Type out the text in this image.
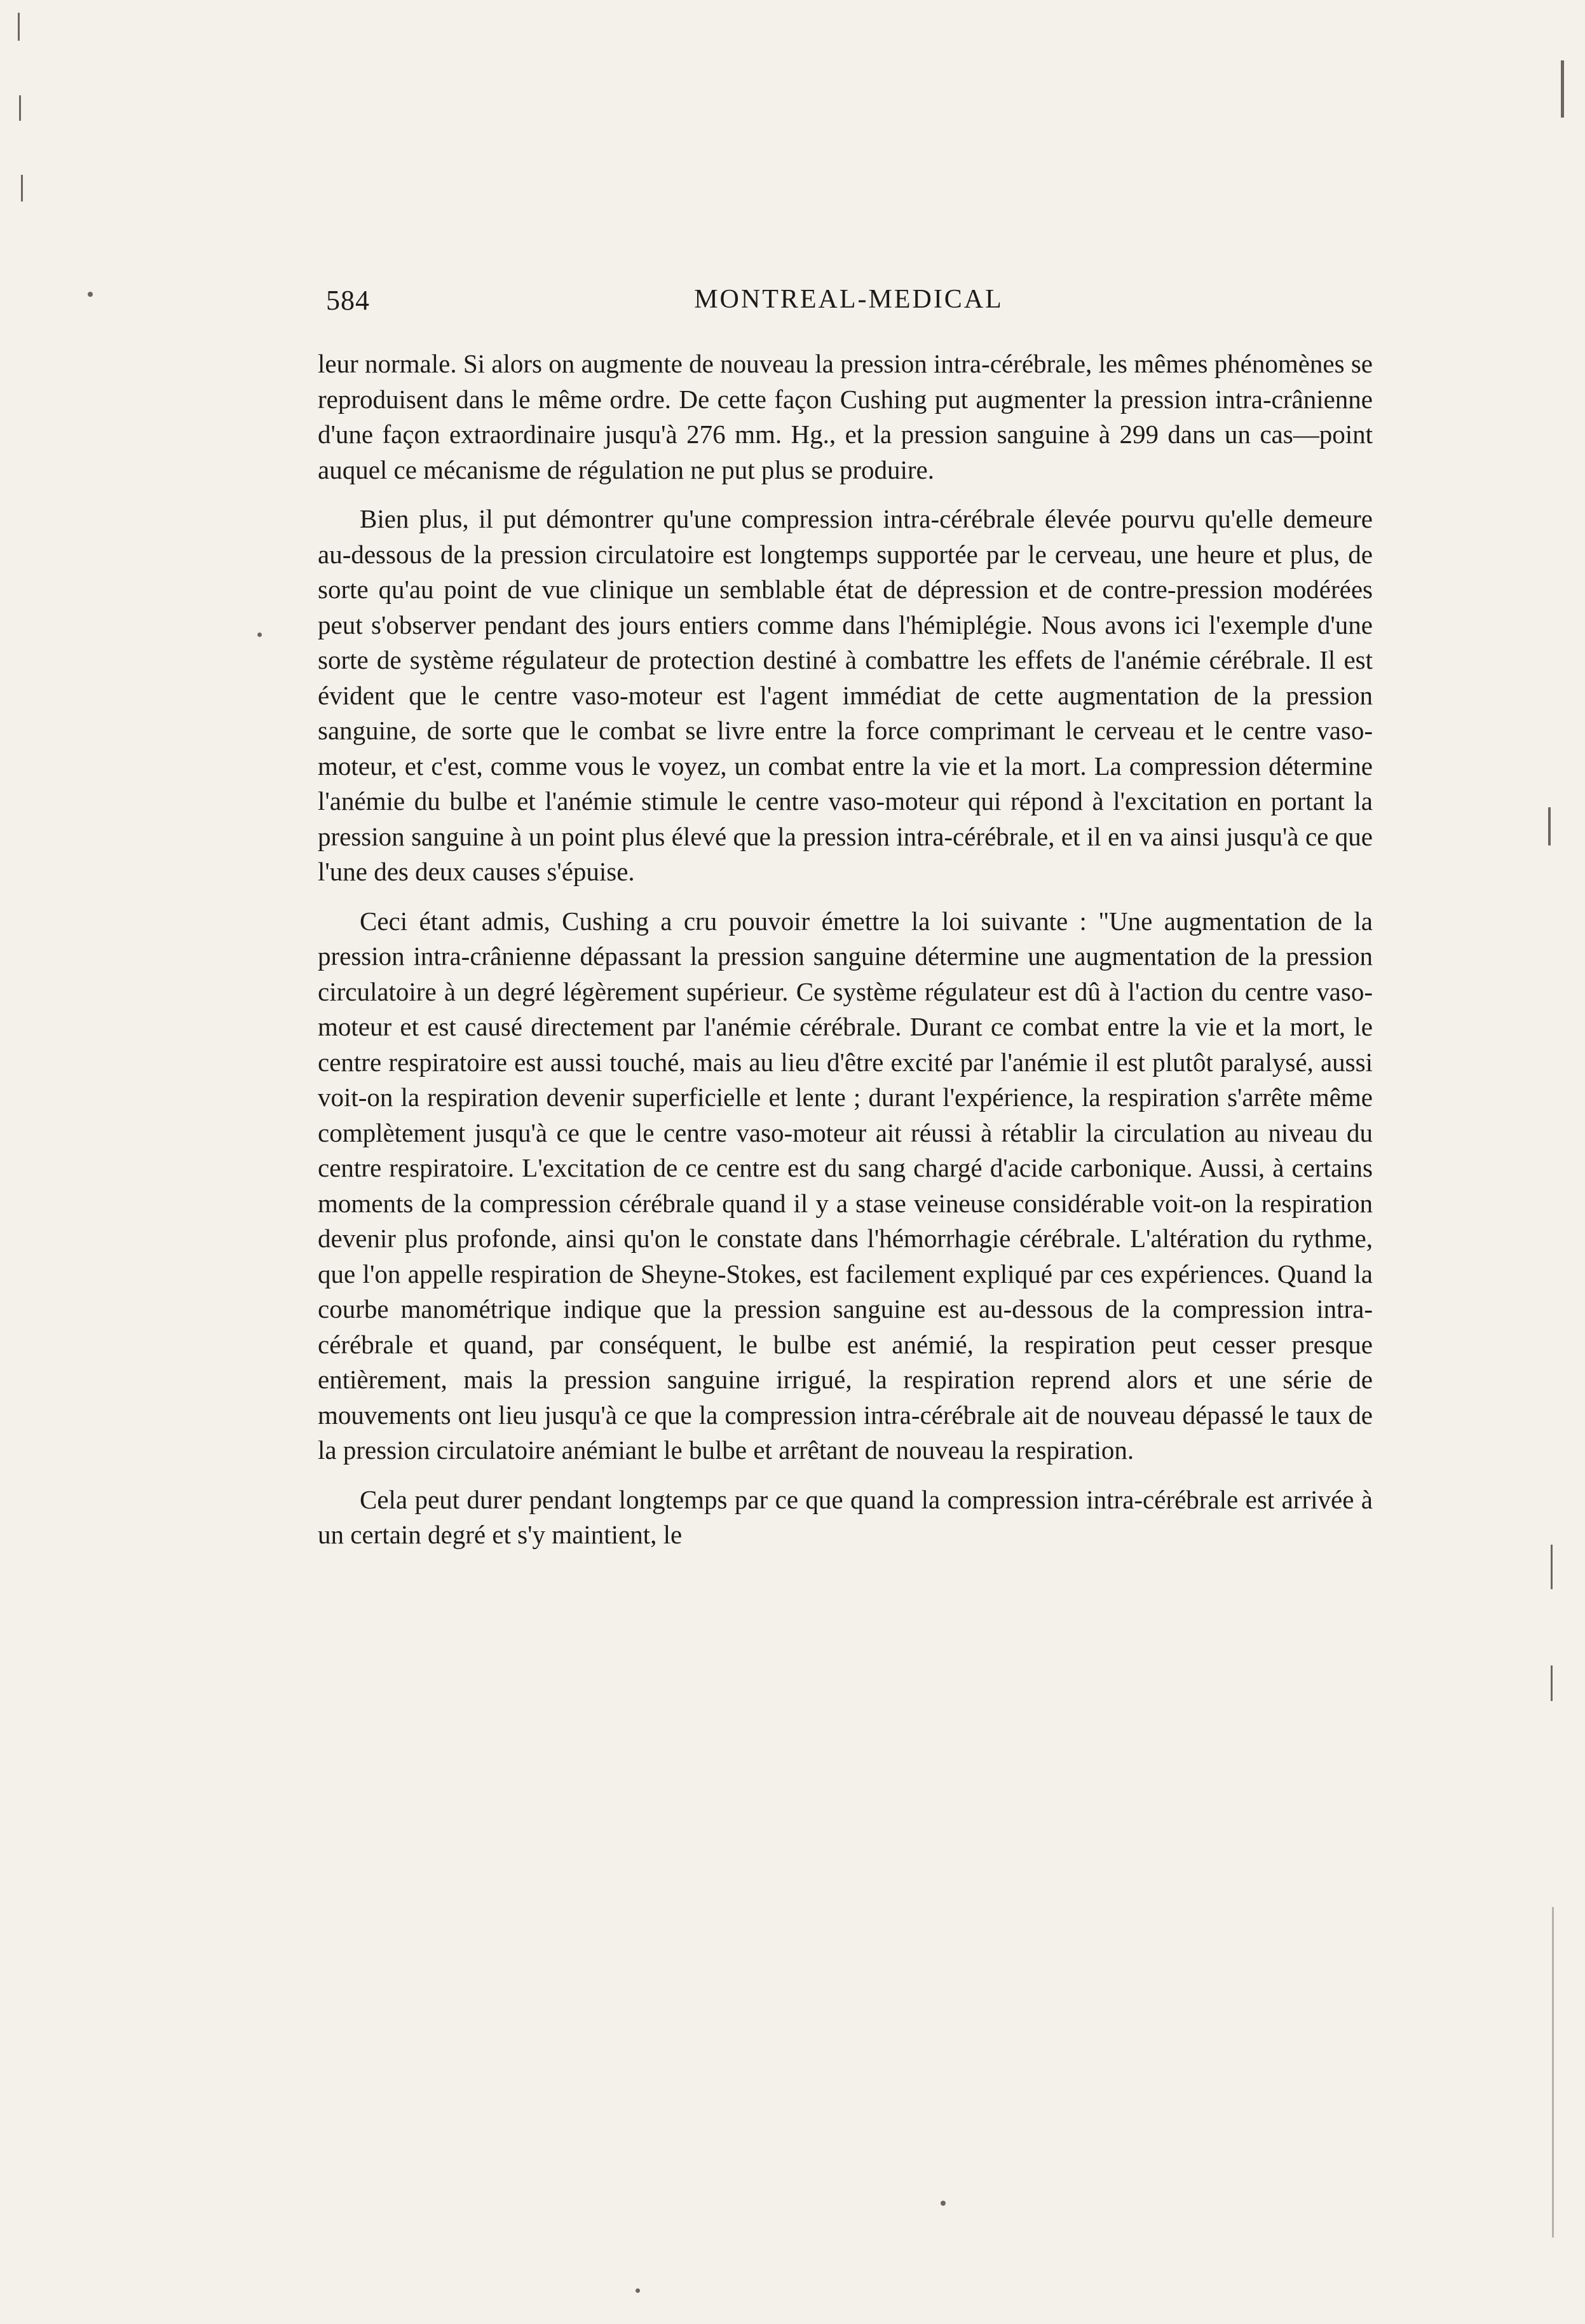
584	MONTREAL-MEDICAL

leur normale. Si alors on augmente de nouveau la pression intra-cérébrale, les mêmes phénomènes se reproduisent dans le même ordre. De cette façon Cushing put augmenter la pression intra-crânienne d'une façon extraordinaire jusqu'à 276 mm. Hg., et la pression sanguine à 299 dans un cas—point auquel ce mécanisme de régulation ne put plus se produire.

Bien plus, il put démontrer qu'une compression intra-cérébrale élevée pourvu qu'elle demeure au-dessous de la pression circulatoire est longtemps supportée par le cerveau, une heure et plus, de sorte qu'au point de vue clinique un semblable état de dépression et de contre-pression modérées peut s'observer pendant des jours entiers comme dans l'hémiplégie. Nous avons ici l'exemple d'une sorte de système régulateur de protection destiné à combattre les effets de l'anémie cérébrale. Il est évident que le centre vaso-moteur est l'agent immédiat de cette augmentation de la pression sanguine, de sorte que le combat se livre entre la force comprimant le cerveau et le centre vaso-moteur, et c'est, comme vous le voyez, un combat entre la vie et la mort. La compression détermine l'anémie du bulbe et l'anémie stimule le centre vaso-moteur qui répond à l'excitation en portant la pression sanguine à un point plus élevé que la pression intra-cérébrale, et il en va ainsi jusqu'à ce que l'une des deux causes s'épuise.

Ceci étant admis, Cushing a cru pouvoir émettre la loi suivante : "Une augmentation de la pression intra-crânienne dépassant la pression sanguine détermine une augmentation de la pression circulatoire à un degré légèrement supérieur. Ce système régulateur est dû à l'action du centre vaso-moteur et est causé directement par l'anémie cérébrale. Durant ce combat entre la vie et la mort, le centre respiratoire est aussi touché, mais au lieu d'être excité par l'anémie il est plutôt paralysé, aussi voit-on la respiration devenir superficielle et lente ; durant l'expérience, la respiration s'arrête même complètement jusqu'à ce que le centre vaso-moteur ait réussi à rétablir la circulation au niveau du centre respiratoire. L'excitation de ce centre est du sang chargé d'acide carbonique. Aussi, à certains moments de la compression cérébrale quand il y a stase veineuse considérable voit-on la respiration devenir plus profonde, ainsi qu'on le constate dans l'hémorrhagie cérébrale. L'altération du rythme, que l'on appelle respiration de Sheyne-Stokes, est facilement expliqué par ces expériences. Quand la courbe manométrique indique que la pression sanguine est au-dessous de la compression intra-cérébrale et quand, par conséquent, le bulbe est anémié, la respiration peut cesser presque entièrement, mais la pression sanguine irrigué, la respiration reprend alors et une série de mouvements ont lieu jusqu'à ce que la compression intra-cérébrale ait de nouveau dépassé le taux de la pression circulatoire anémiant le bulbe et arrêtant de nouveau la respiration.

Cela peut durer pendant longtemps par ce que quand la compression intra-cérébrale est arrivée à un certain degré et s'y maintient, le
